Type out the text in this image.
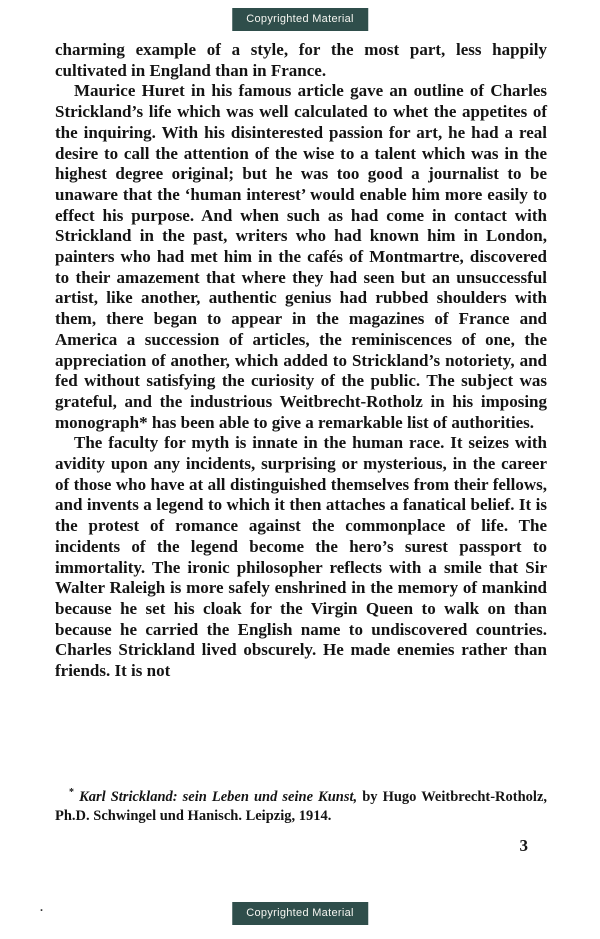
Copyrighted Material

charming example of a style, for the most part, less happily cultivated in England than in France.

Maurice Huret in his famous article gave an outline of Charles Strickland’s life which was well calculated to whet the appetites of the inquiring. With his disinterested passion for art, he had a real desire to call the attention of the wise to a talent which was in the highest degree original; but he was too good a journalist to be unaware that the ‘human interest’ would enable him more easily to effect his purpose. And when such as had come in contact with Strickland in the past, writers who had known him in London, painters who had met him in the cafés of Montmartre, discovered to their amazement that where they had seen but an unsuccessful artist, like another, authentic genius had rubbed shoulders with them, there began to appear in the magazines of France and America a succession of articles, the reminiscences of one, the appreciation of another, which added to Strickland’s notoriety, and fed without satisfying the curiosity of the public. The subject was grateful, and the industrious Weitbrecht-Rotholz in his imposing monograph* has been able to give a remarkable list of authorities.

The faculty for myth is innate in the human race. It seizes with avidity upon any incidents, surprising or mysterious, in the career of those who have at all distinguished themselves from their fellows, and invents a legend to which it then attaches a fanatical belief. It is the protest of romance against the commonplace of life. The incidents of the legend become the hero’s surest passport to immortality. The ironic philosopher reflects with a smile that Sir Walter Raleigh is more safely enshrined in the memory of mankind because he set his cloak for the Virgin Queen to walk on than because he carried the English name to undiscovered countries. Charles Strickland lived obscurely. He made enemies rather than friends. It is not

* Karl Strickland: sein Leben und seine Kunst, by Hugo Weitbrecht-Rotholz, Ph.D. Schwingel und Hanisch. Leipzig, 1914.
3
.	Copyrighted Material
